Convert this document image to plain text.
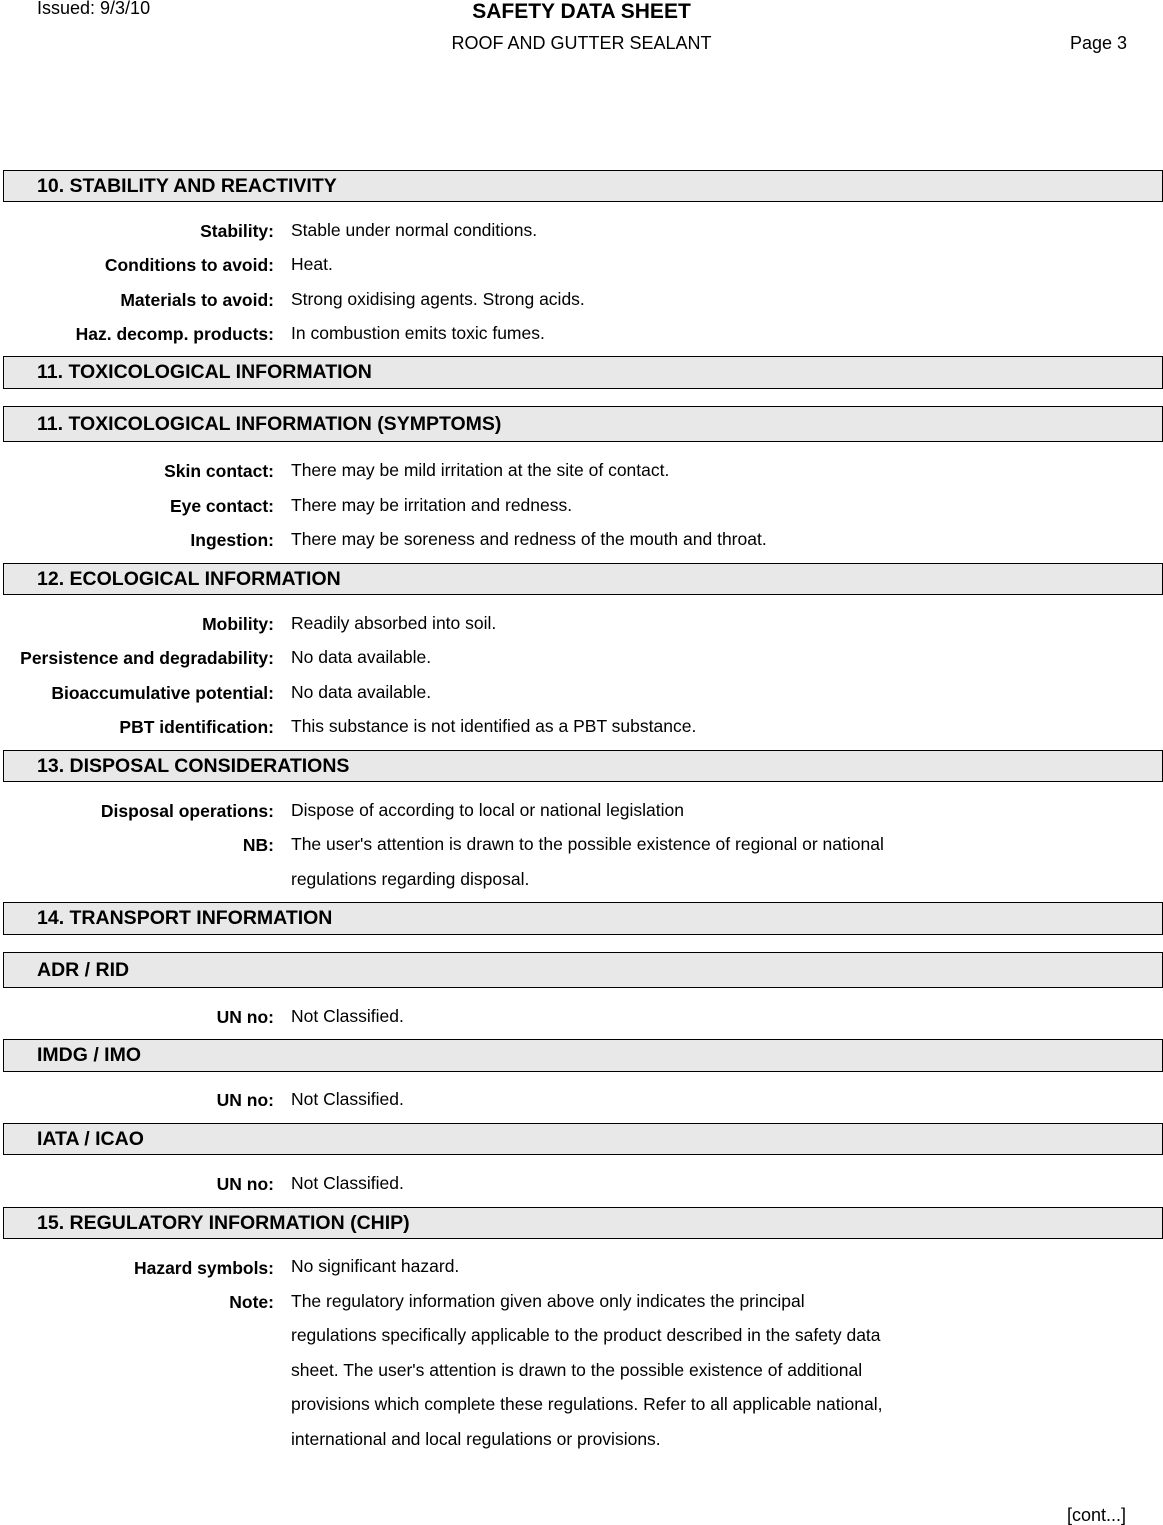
Issued: 9/3/10	SAFETY DATA SHEET
ROOF AND GUTTER SEALANT	Page 3
10. STABILITY AND REACTIVITY
Stability: Stable under normal conditions.
Conditions to avoid: Heat.
Materials to avoid: Strong oxidising agents. Strong acids.
Haz. decomp. products: In combustion emits toxic fumes.
11. TOXICOLOGICAL INFORMATION
11. TOXICOLOGICAL INFORMATION (SYMPTOMS)
Skin contact: There may be mild irritation at the site of contact.
Eye contact: There may be irritation and redness.
Ingestion: There may be soreness and redness of the mouth and throat.
12. ECOLOGICAL INFORMATION
Mobility: Readily absorbed into soil.
Persistence and degradability: No data available.
Bioaccumulative potential: No data available.
PBT identification: This substance is not identified as a PBT substance.
13. DISPOSAL CONSIDERATIONS
Disposal operations: Dispose of according to local or national legislation
NB: The user's attention is drawn to the possible existence of regional or national
regulations regarding disposal.
14. TRANSPORT INFORMATION
ADR / RID
UN no: Not Classified.
IMDG / IMO
UN no: Not Classified.
IATA / ICAO
UN no: Not Classified.
15. REGULATORY INFORMATION (CHIP)
Hazard symbols: No significant hazard.
Note: The regulatory information given above only indicates the principal
regulations specifically applicable to the product described in the safety data
sheet. The user's attention is drawn to the possible existence of additional
provisions which complete these regulations. Refer to all applicable national,
international and local regulations or provisions.
[cont...]
